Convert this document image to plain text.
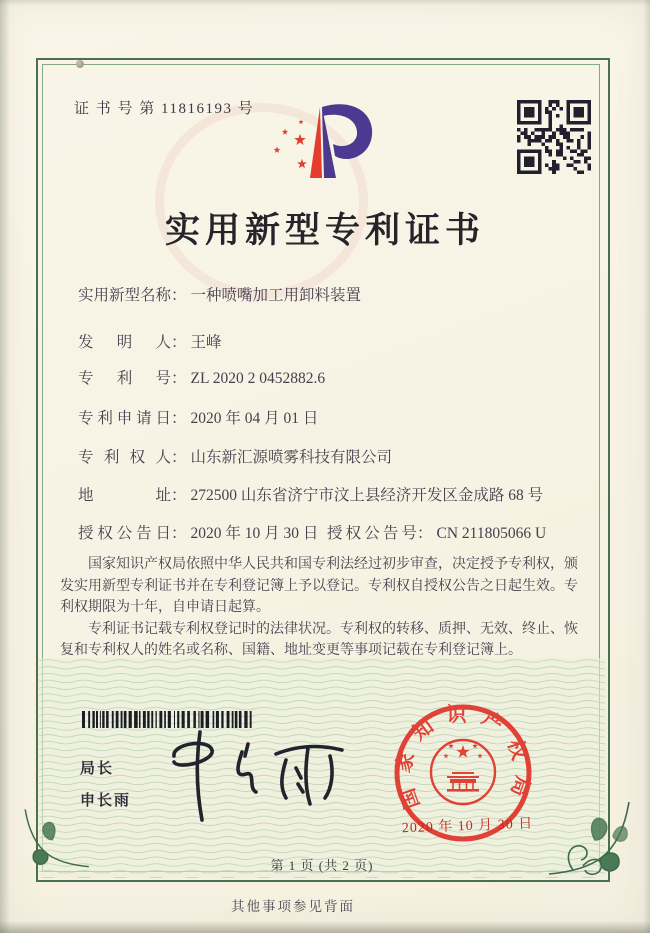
证 书 号 第 11816193 号
实用新型专利证书
实用新型名称： 一种喷嘴加工用卸料装置
发明人： 王峰
专利号： ZL 2020 2 0452882.6
专利申请日： 2020 年 04 月 01 日
专利权人： 山东新汇源喷雾科技有限公司
地址： 272500 山东省济宁市汶上县经济开发区金成路 68 号
授权公告日： 2020 年 10 月 30 日 授权公告号： CN 211805066 U

国家知识产权局依照中华人民共和国专利法经过初步审查，决定授予专利权，颁发实用新型专利证书并在专利登记簿上予以登记。专利权自授权公告之日起生效。专利权期限为十年，自申请日起算。

专利证书记载专利权登记时的法律状况。专利权的转移、质押、无效、终止、恢复和专利权人的姓名或名称、国籍、地址变更等事项记载在专利登记簿上。

局长
申长雨	国家知识产权局
2020 年 10 月 30 日
第 1 页 (共 2 页)
其他事项参见背面
